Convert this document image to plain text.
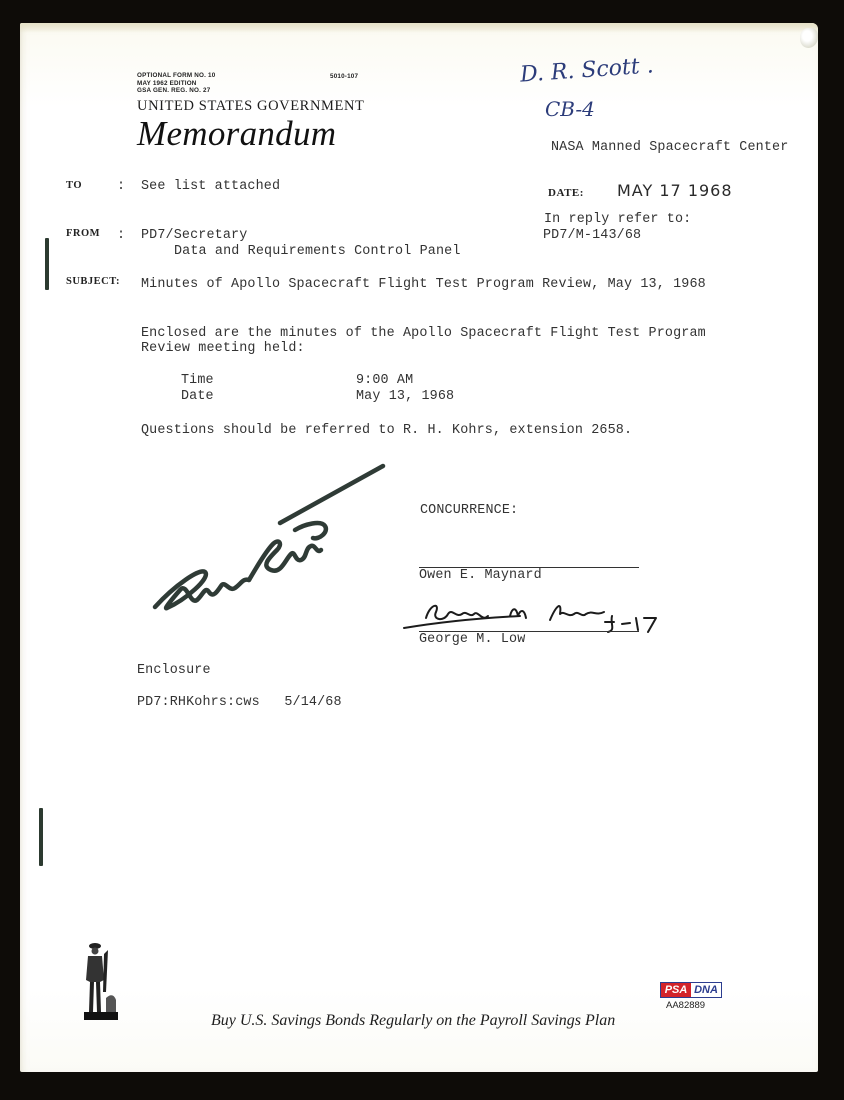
OPTIONAL FORM NO. 10
MAY 1962 EDITION
GSA GEN. REG. NO. 27
5010-107
UNITED STATES GOVERNMENT
Memorandum
D. R. Scott .
CB-4
NASA Manned Spacecraft Center
TO	: See list attached	DATE: MAY 17 1968
In reply refer to:
PD7/M-143/68
FROM : PD7/Secretary
Data and Requirements Control Panel
SUBJECT: Minutes of Apollo Spacecraft Flight Test Program Review, May 13, 1968
Enclosed are the minutes of the Apollo Spacecraft Flight Test Program
Review meeting held:
Time	9:00 AM
Date	May 13, 1968
Questions should be referred to R. H. Kohrs, extension 2658.
CONCURRENCE:
Owen E. Maynard
George M. Low
Enclosure
PD7:RHKohrs:cws   5/14/68
Buy U.S. Savings Bonds Regularly on the Payroll Savings Plan
PSA DNA
AA82889
